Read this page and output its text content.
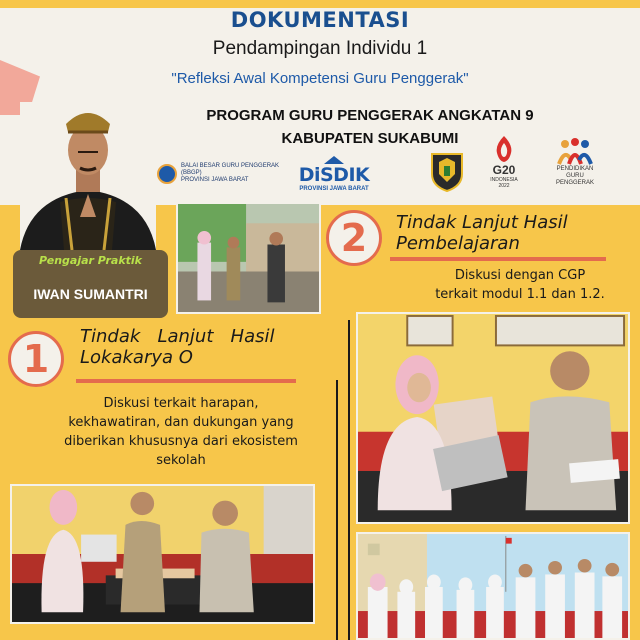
DOKUMENTASI
Pendampingan Individu 1
"Refleksi Awal Kompetensi Guru Penggerak"
PROGRAM GURU PENGGERAK ANGKATAN 9
KABUPATEN SUKABUMI
BALAI BESAR GURU PENGGERAK
(BBGP)
PROVINSI JAWA BARAT	DiSDIK
PROVINSI JAWA BARAT
G20
INDONESIA
2022
PENDIDIKAN
GURU
PENGGERAK
Pengajar Praktik
IWAN SUMANTRI
2	Tindak Lanjut Hasil
Pembelajaran
Diskusi dengan CGP
terkait modul 1.1 dan 1.2.
1
Tindak   Lanjut   Hasil
Lokakarya O
Diskusi terkait harapan,
kekhawatiran, dan dukungan yang
diberikan khususnya dari ekosistem
sekolah
